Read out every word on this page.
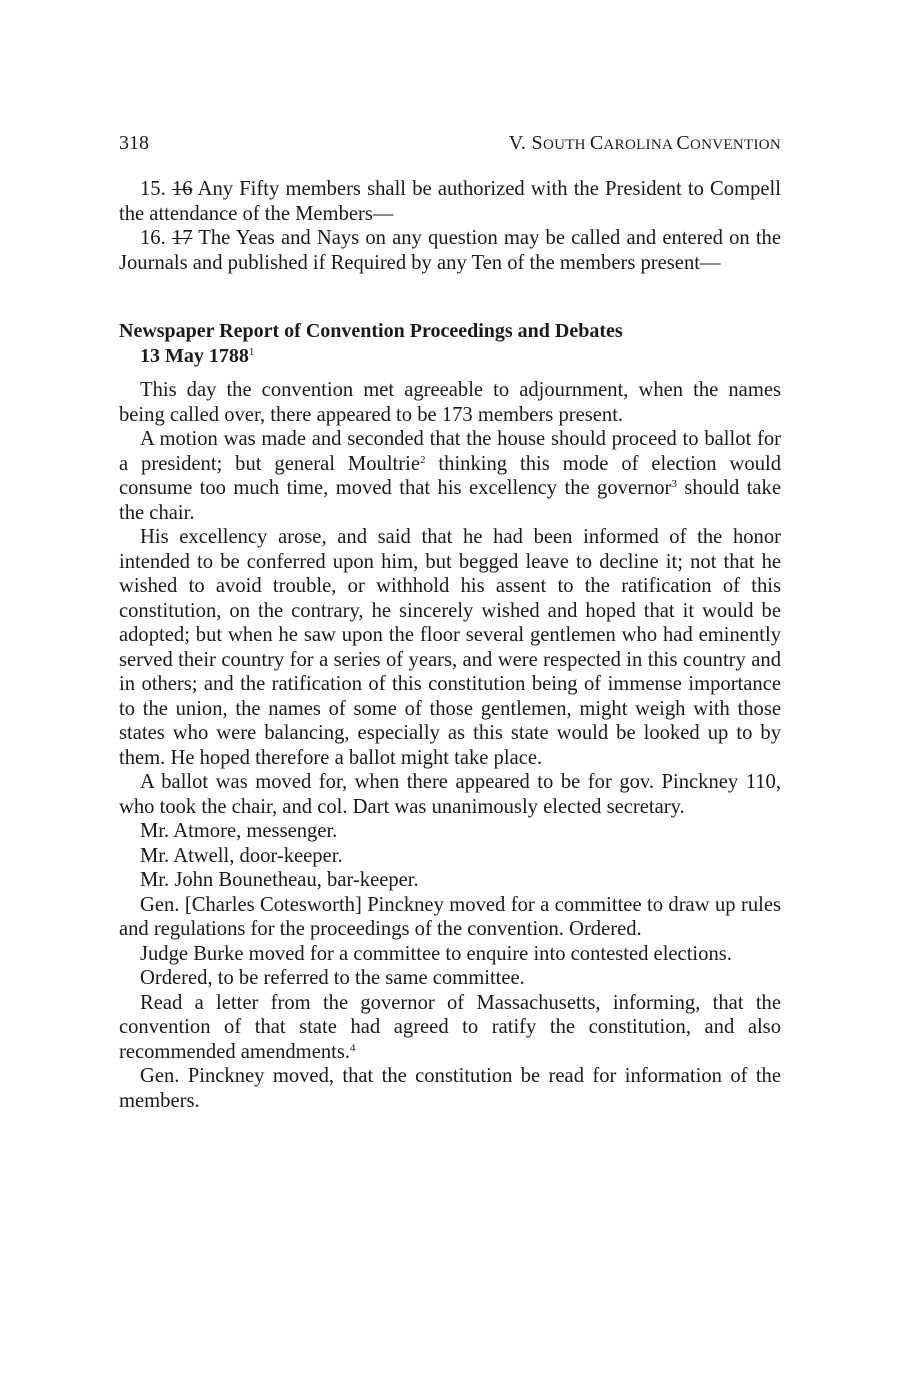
318	V. SOUTH CAROLINA CONVENTION

15. 16 Any Fifty members shall be authorized with the President to Compell the attendance of the Members—

16. 17 The Yeas and Nays on any question may be called and entered on the Journals and published if Required by any Ten of the members present—

Newspaper Report of Convention Proceedings and Debates
13 May 1788$^1$

This day the convention met agreeable to adjournment, when the names being called over, there appeared to be 173 members present.

A motion was made and seconded that the house should proceed to ballot for a president; but general Moultrie$^2$ thinking this mode of election would consume too much time, moved that his excellency the governor$^3$ should take the chair.

His excellency arose, and said that he had been informed of the honor intended to be conferred upon him, but begged leave to decline it; not that he wished to avoid trouble, or withhold his assent to the ratification of this constitution, on the contrary, he sincerely wished and hoped that it would be adopted; but when he saw upon the floor several gentlemen who had eminently served their country for a series of years, and were respected in this country and in others; and the ratification of this constitution being of immense importance to the union, the names of some of those gentlemen, might weigh with those states who were balancing, especially as this state would be looked up to by them. He hoped therefore a ballot might take place.

A ballot was moved for, when there appeared to be for gov. Pinckney 110, who took the chair, and col. Dart was unanimously elected secretary.

Mr. Atmore, messenger.

Mr. Atwell, door-keeper.

Mr. John Bounetheau, bar-keeper.

Gen. [Charles Cotesworth] Pinckney moved for a committee to draw up rules and regulations for the proceedings of the convention. Ordered.

Judge Burke moved for a committee to enquire into contested elections.

Ordered, to be referred to the same committee.

Read a letter from the governor of Massachusetts, informing, that the convention of that state had agreed to ratify the constitution, and also recommended amendments.$^4$

Gen. Pinckney moved, that the constitution be read for information of the members.
